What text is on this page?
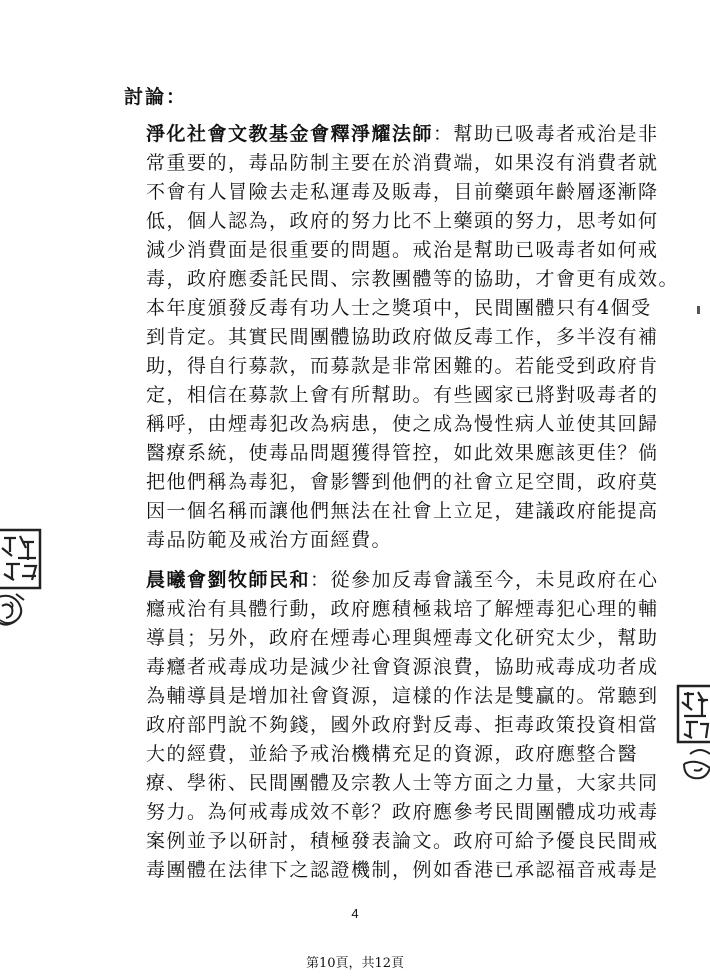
討論：
淨化社會文教基金會釋淨耀法師：幫助已吸毒者戒治是非
常重要的，毒品防制主要在於消費端，如果沒有消費者就
不會有人冒險去走私運毒及販毒，目前藥頭年齡層逐漸降
低，個人認為，政府的努力比不上藥頭的努力，思考如何
減少消費面是很重要的問題。戒治是幫助已吸毒者如何戒
毒，政府應委託民間、宗教團體等的協助，才會更有成效。
本年度頒發反毒有功人士之獎項中，民間團體只有4個受
到肯定。其實民間團體協助政府做反毒工作，多半沒有補
助，得自行募款，而募款是非常困難的。若能受到政府肯
定，相信在募款上會有所幫助。有些國家已將對吸毒者的
稱呼，由煙毒犯改為病患，使之成為慢性病人並使其回歸
醫療系統，使毒品問題獲得管控，如此效果應該更佳？倘
把他們稱為毒犯，會影響到他們的社會立足空間，政府莫
因一個名稱而讓他們無法在社會上立足，建議政府能提高
毒品防範及戒治方面經費。
晨曦會劉牧師民和：從參加反毒會議至今，未見政府在心
癮戒治有具體行動，政府應積極栽培了解煙毒犯心理的輔
導員；另外，政府在煙毒心理與煙毒文化研究太少，幫助
毒癮者戒毒成功是減少社會資源浪費，協助戒毒成功者成
為輔導員是增加社會資源，這樣的作法是雙贏的。常聽到
政府部門說不夠錢，國外政府對反毒、拒毒政策投資相當
大的經費，並給予戒治機構充足的資源，政府應整合醫
療、學術、民間團體及宗教人士等方面之力量，大家共同
努力。為何戒毒成效不彰？政府應參考民間團體成功戒毒
案例並予以研討，積極發表論文。政府可給予優良民間戒
毒團體在法律下之認證機制，例如香港已承認福音戒毒是
4
第10頁，共12頁
